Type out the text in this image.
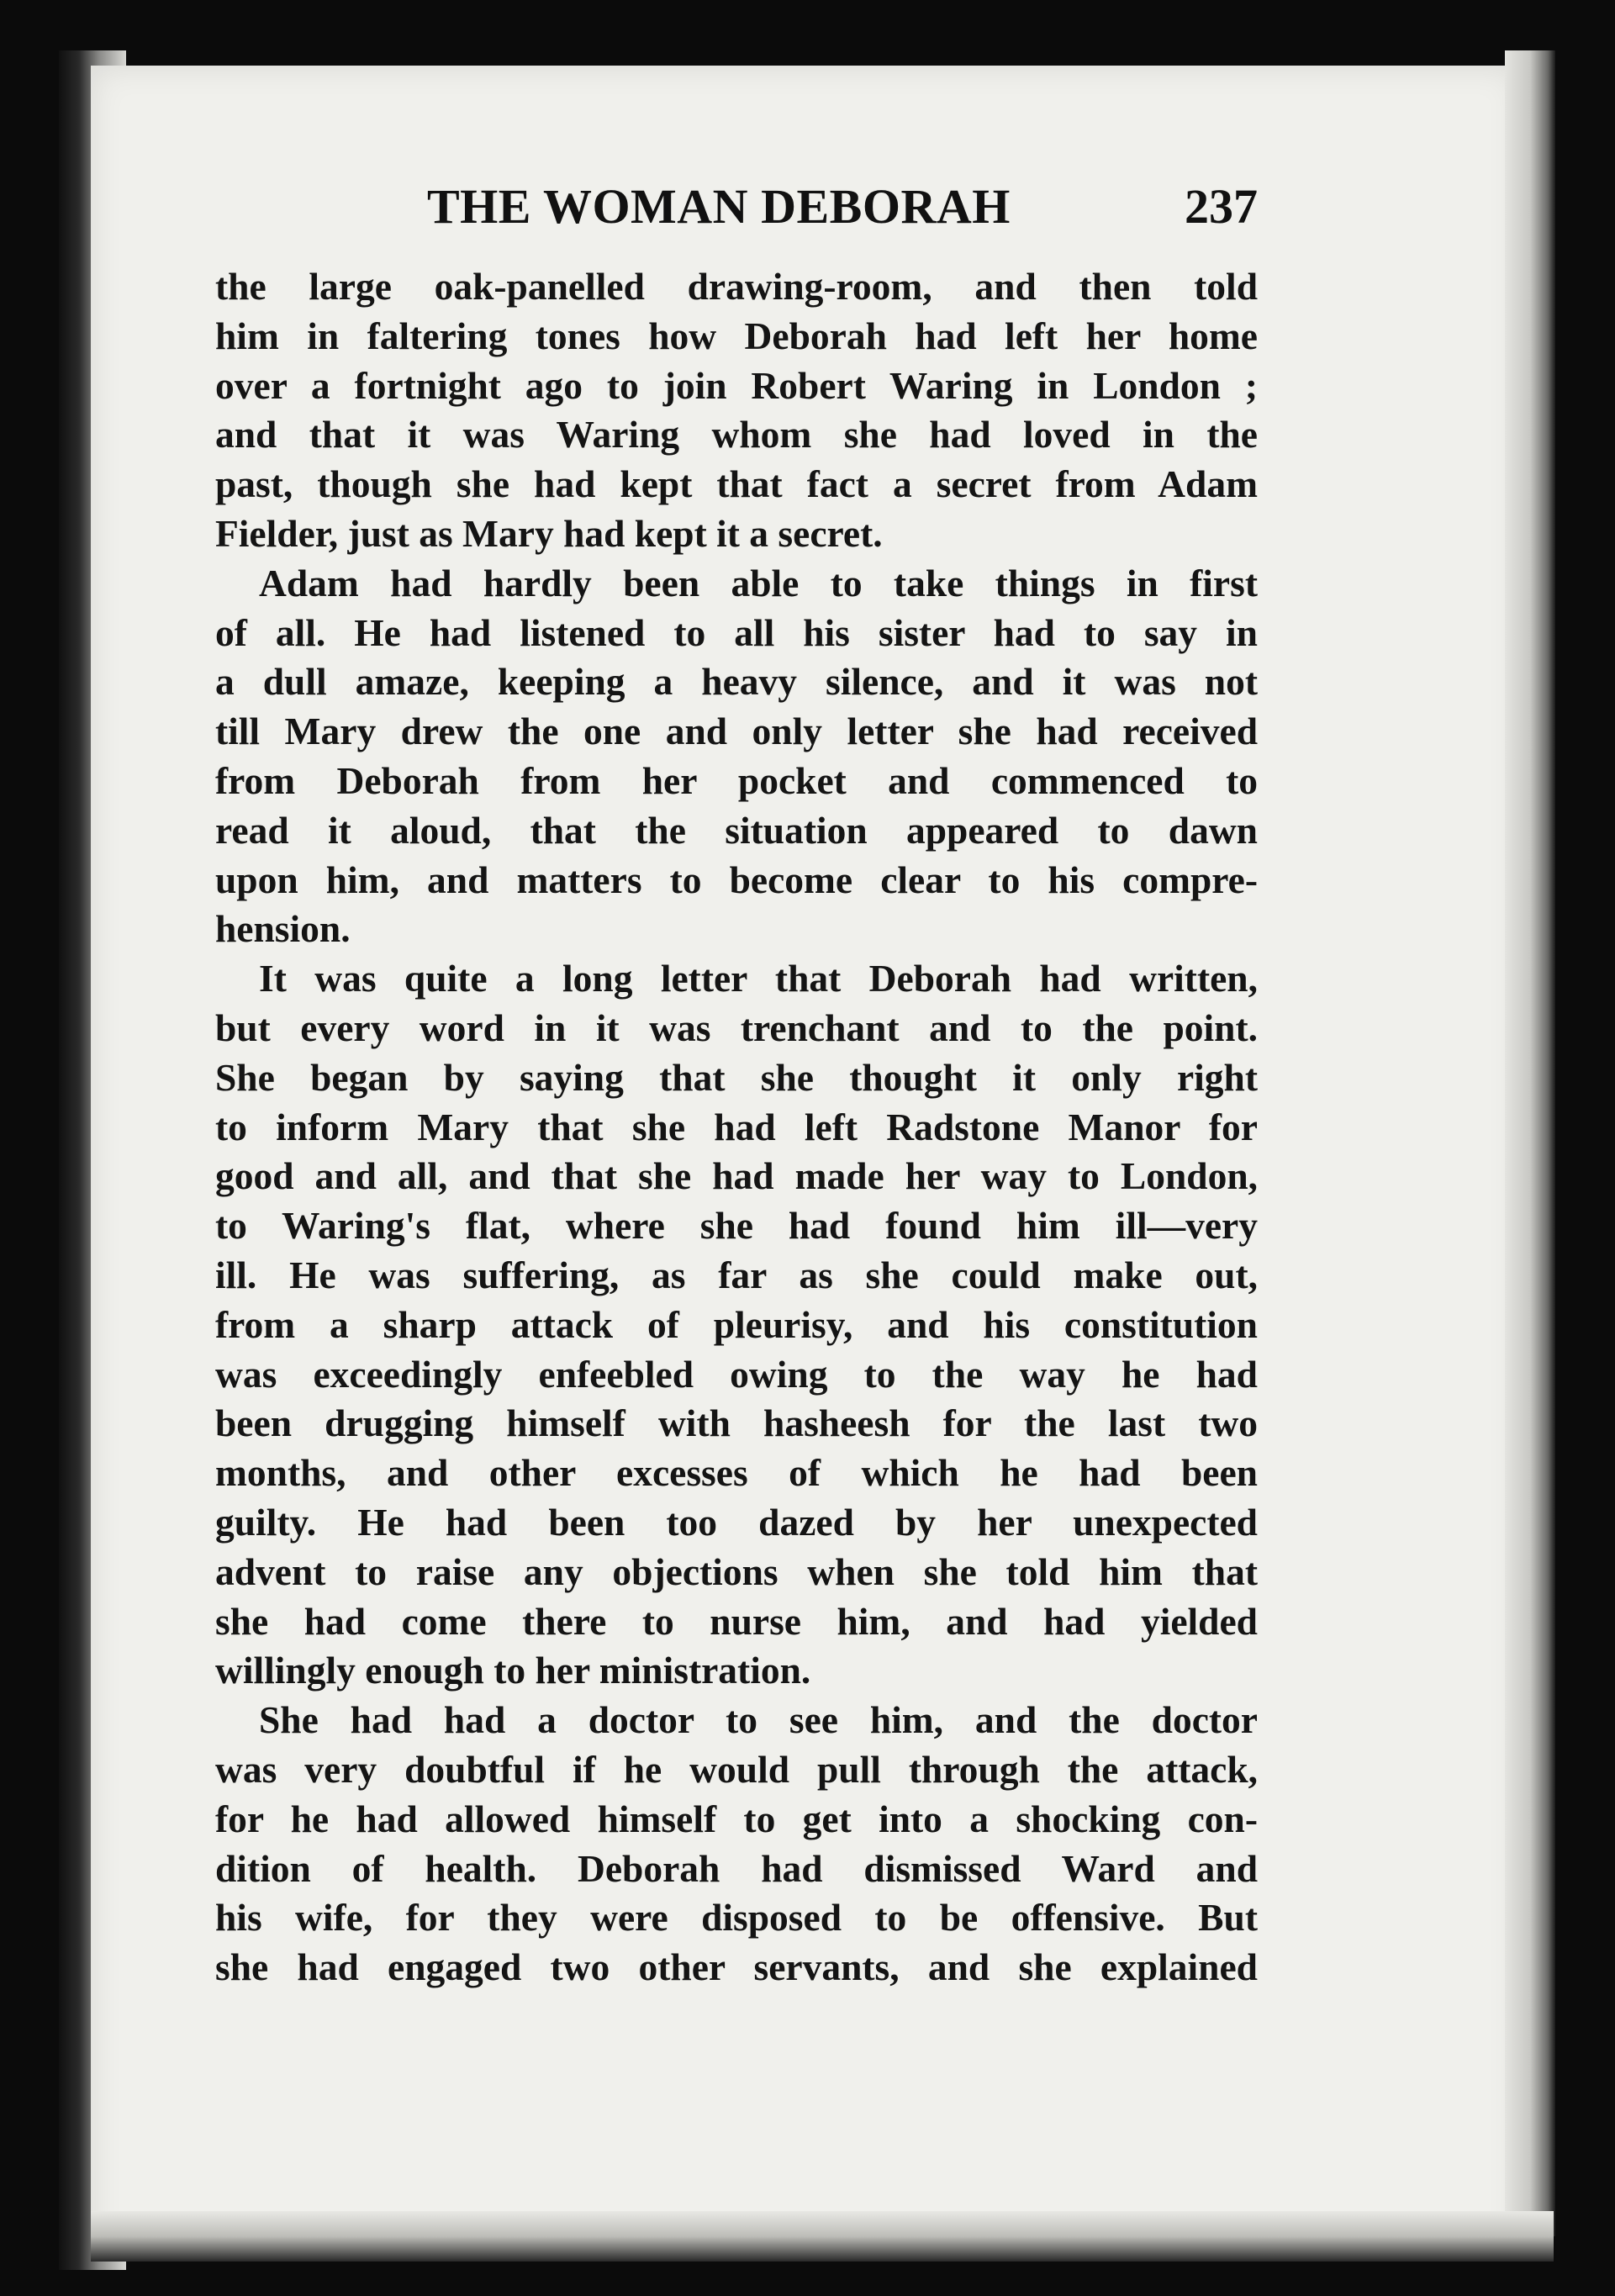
THE WOMAN DEBORAH	237
the large oak-panelled drawing-room, and then told
him in faltering tones how Deborah had left her home
over a fortnight ago to join Robert Waring in London ;
and that it was Waring whom she had loved in the
past, though she had kept that fact a secret from Adam
Fielder, just as Mary had kept it a secret.
Adam had hardly been able to take things in first
of all. He had listened to all his sister had to say in
a dull amaze, keeping a heavy silence, and it was not
till Mary drew the one and only letter she had received
from Deborah from her pocket and commenced to
read it aloud, that the situation appeared to dawn
upon him, and matters to become clear to his compre-
hension.
It was quite a long letter that Deborah had written,
but every word in it was trenchant and to the point.
She began by saying that she thought it only right
to inform Mary that she had left Radstone Manor for
good and all, and that she had made her way to London,
to Waring's flat, where she had found him ill—very
ill. He was suffering, as far as she could make out,
from a sharp attack of pleurisy, and his constitution
was exceedingly enfeebled owing to the way he had
been drugging himself with hasheesh for the last two
months, and other excesses of which he had been
guilty. He had been too dazed by her unexpected
advent to raise any objections when she told him that
she had come there to nurse him, and had yielded
willingly enough to her ministration.
She had had a doctor to see him, and the doctor
was very doubtful if he would pull through the attack,
for he had allowed himself to get into a shocking con-
dition of health. Deborah had dismissed Ward and
his wife, for they were disposed to be offensive. But
she had engaged two other servants, and she explained
